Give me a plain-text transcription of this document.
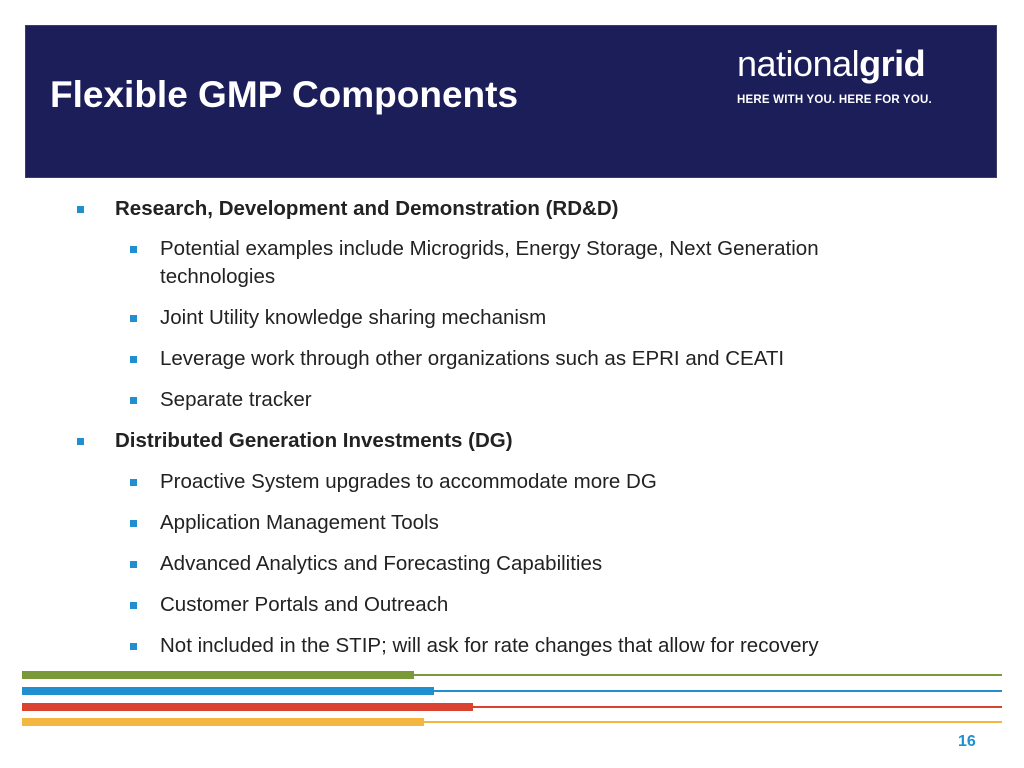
Flexible GMP Components
nationalgrid
HERE WITH YOU. HERE FOR YOU.
Research, Development and Demonstration (RD&D)
Potential examples include Microgrids, Energy Storage, Next Generation technologies
Joint Utility knowledge sharing mechanism
Leverage work through other organizations such as EPRI and CEATI
Separate tracker
Distributed Generation Investments (DG)
Proactive System upgrades to accommodate more DG
Application Management Tools
Advanced Analytics and Forecasting Capabilities
Customer Portals and Outreach
Not included in the STIP; will ask for rate changes that allow for recovery
16
